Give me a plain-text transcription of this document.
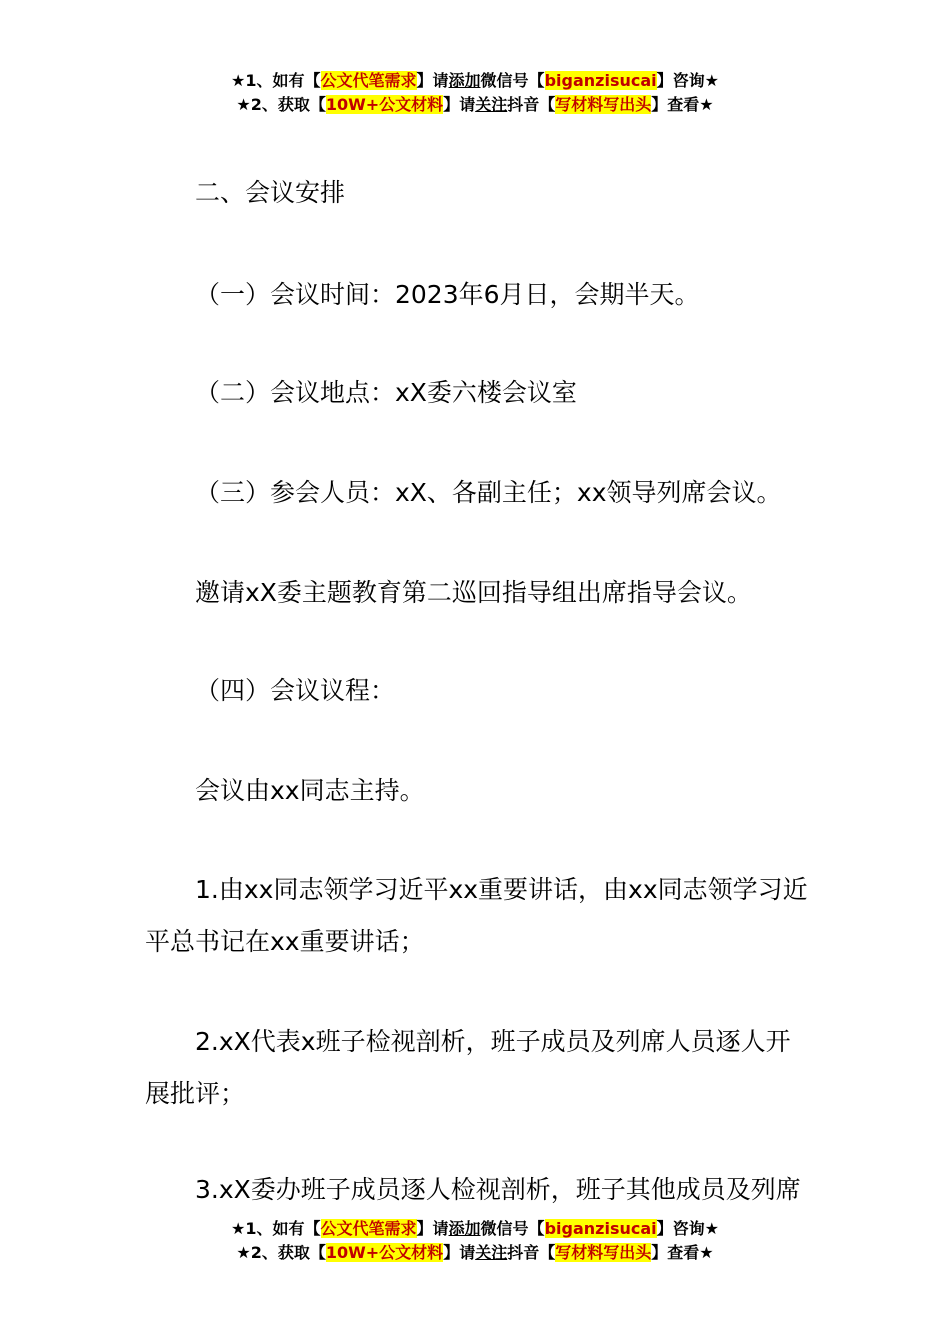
★1、如有【公文代笔需求】请添加微信号【biganzisucai】咨询★
★2、获取【10W+公文材料】请关注抖音【写材料写出头】查看★
二、会议安排
（一）会议时间：2023年6月日，会期半天。
（二）会议地点：xX委六楼会议室
（三）参会人员：xX、各副主任；xx领导列席会议。
邀请xX委主题教育第二巡回指导组出席指导会议。
（四）会议议程：
会议由xx同志主持。
1.由xx同志领学习近平xx重要讲话，由xx同志领学习近平总书记在xx重要讲话；
2.xX代表x班子检视剖析，班子成员及列席人员逐人开展批评；
3.xX委办班子成员逐人检视剖析，班子其他成员及列席
★1、如有【公文代笔需求】请添加微信号【biganzisucai】咨询★
★2、获取【10W+公文材料】请关注抖音【写材料写出头】查看★
